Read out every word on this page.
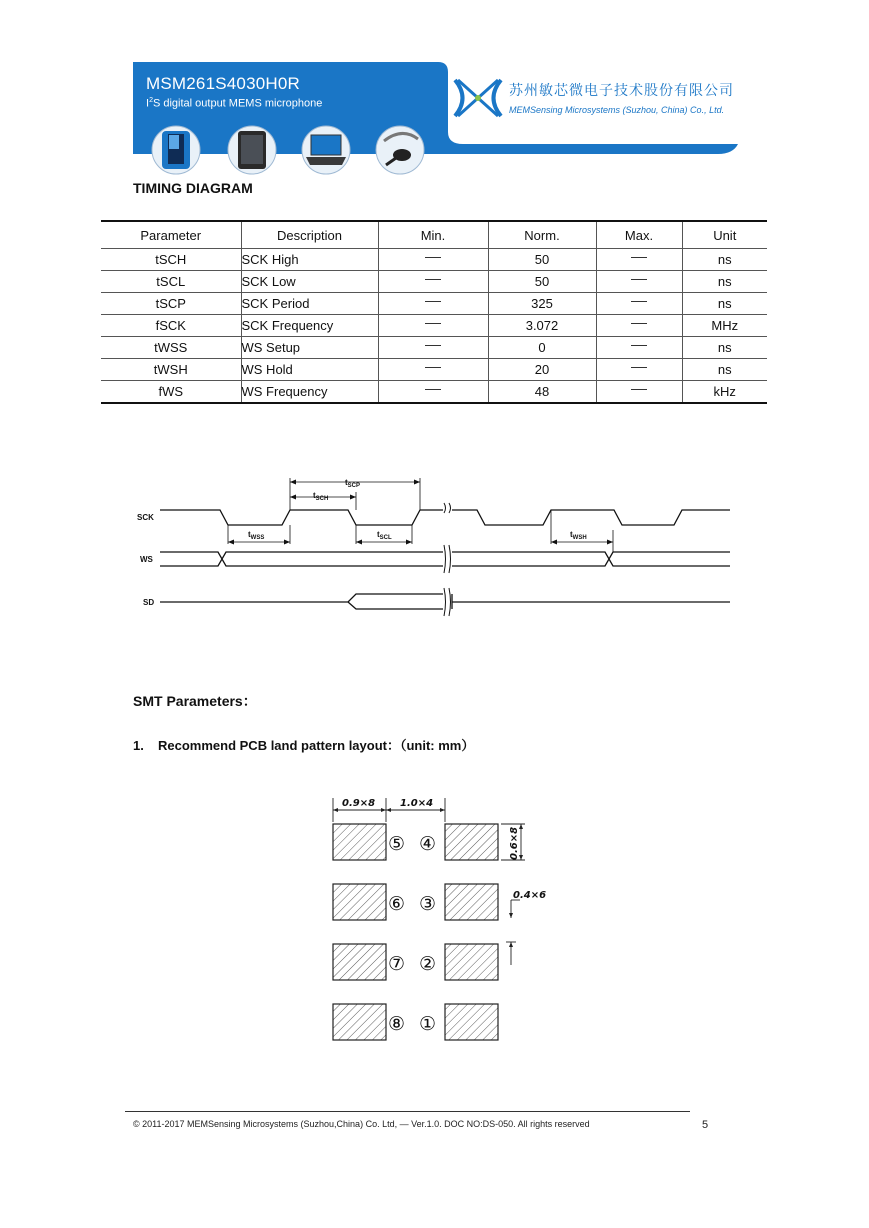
MSM261S4030H0R
$I^2S$ digital output MEMS microphone
苏州敏芯微电子技术股份有限公司
MEMSensing Microsystems (Suzhou, China) Co., Ltd.
TIMING DIAGRAM
Parameter	Description	Min.	Norm.	Max.	Unit
tSCH	SCK High		50		ns
tSCL	SCK Low		50		ns
tSCP	SCK Period		325		ns
fSCK	SCK Frequency		3.072		MHz
tWSS	WS Setup		0		ns
tWSH	WS Hold		20		ns
fWS	WS Frequency		48		kHz
SCK
WS
SD
$t_{SCP}$
$t_{SCH}$
$t_{WSS}$	$t_{SCL}$	$t_{WSH}$
SMT Parameters：
1. Recommend PCB land pattern layout：（unit: mm）
⑤ ④
⑥ ③
⑦ ②
⑧ ①
0.9×8 1.0×4
0.6×8
0.4×6
© 2011-2017 MEMSensing Microsystems (Suzhou,China) Co. Ltd, — Ver.1.0. DOC NO:DS-050. All rights reserved	5
